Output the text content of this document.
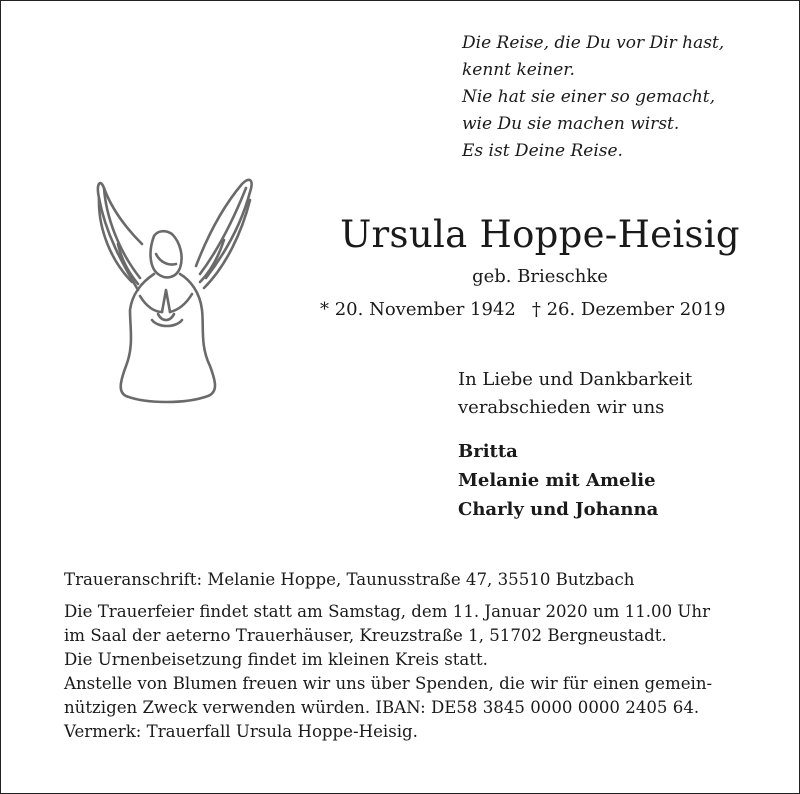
Die Reise, die Du vor Dir hast,
kennt keiner.
Nie hat sie einer so gemacht,
wie Du sie machen wirst.
Es ist Deine Reise.
Ursula Hoppe-Heisig
geb. Brieschke
* 20. November 1942 † 26. Dezember 2019
In Liebe und Dankbarkeit
verabschieden wir uns
Britta
Melanie mit Amelie
Charly und Johanna
Traueranschrift: Melanie Hoppe, Taunusstraße 47, 35510 Butzbach
Die Trauerfeier findet statt am Samstag, dem 11. Januar 2020 um 11.00 Uhr
im Saal der aeterno Trauerhäuser, Kreuzstraße 1, 51702 Bergneustadt.
Die Urnenbeisetzung findet im kleinen Kreis statt.
Anstelle von Blumen freuen wir uns über Spenden, die wir für einen gemein-
nützigen Zweck verwenden würden. IBAN: DE58 3845 0000 0000 2405 64.
Vermerk: Trauerfall Ursula Hoppe-Heisig.
